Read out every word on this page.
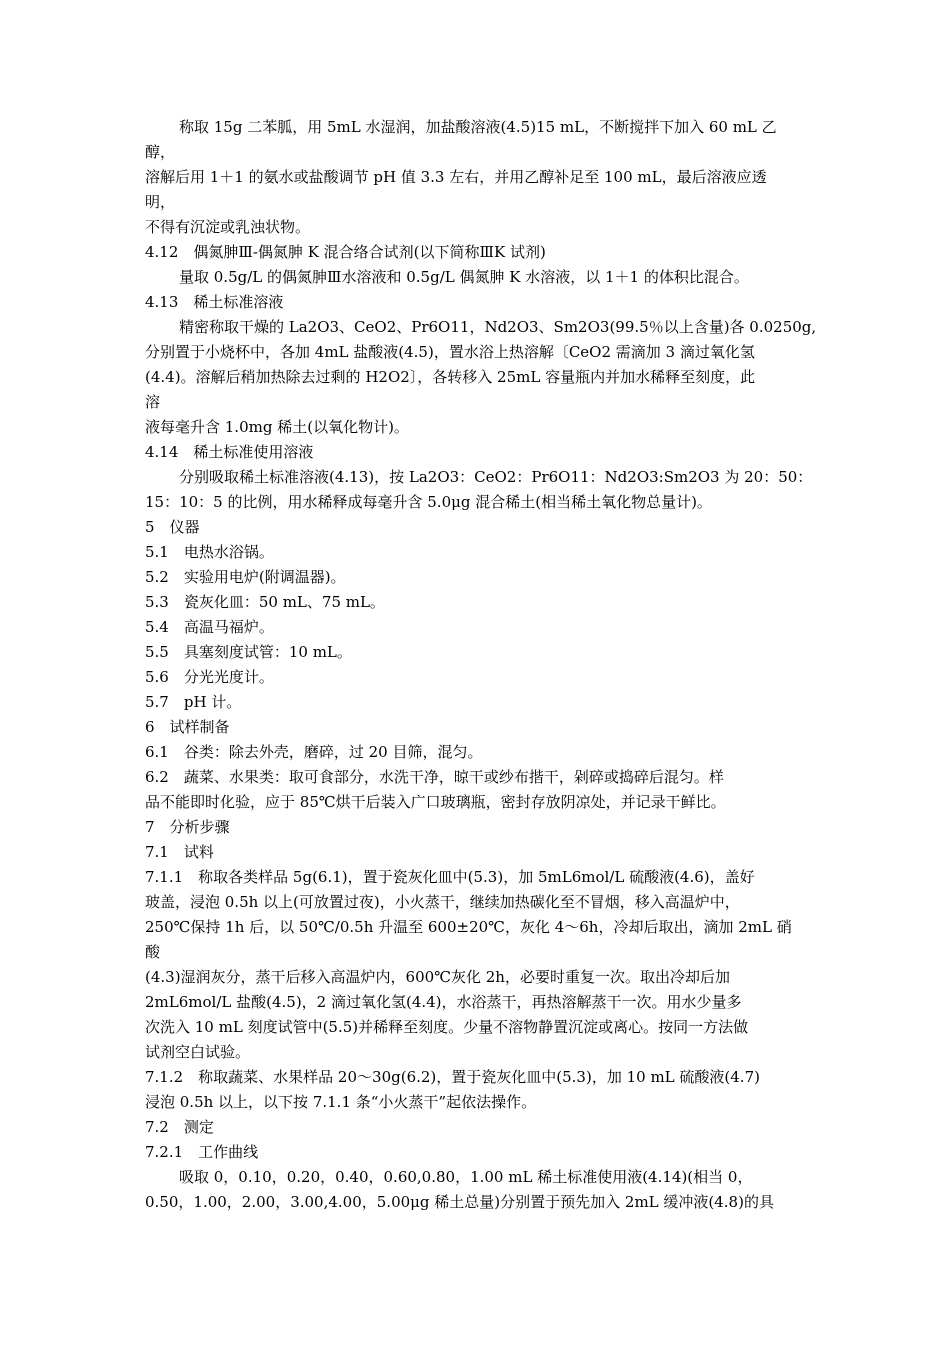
称取 15g 二苯胍，用 5mL 水湿润，加盐酸溶液(4.5)15 mL，不断搅拌下加入 60 mL 乙
醇，
溶解后用 1＋1 的氨水或盐酸调节 pH 值 3.3 左右，并用乙醇补足至 100 mL，最后溶液应透
明，
不得有沉淀或乳浊状物。
4.12　偶氮胂Ⅲ-偶氮胂 K 混合络合试剂(以下简称ⅢK 试剂)
量取 0.5g/L 的偶氮胂Ⅲ水溶液和 0.5g/L 偶氮胂 K 水溶液，以 1＋1 的体积比混合。
4.13　稀土标准溶液
精密称取干燥的 La2O3、CeO2、Pr6O11，Nd2O3、Sm2O3(99.5％以上含量)各 0.0250g,
分别置于小烧杯中，各加 4mL 盐酸液(4.5)，置水浴上热溶解〔CeO2 需滴加 3 滴过氧化氢
(4.4)。溶解后稍加热除去过剩的 H2O2〕，各转移入 25mL 容量瓶内并加水稀释至刻度，此
溶
液每毫升含 1.0mg 稀土(以氧化物计)。
4.14　稀土标准使用溶液
分别吸取稀土标准溶液(4.13)，按 La2O3：CeO2：Pr6O11：Nd2O3:Sm2O3 为 20：50：
15：10：5 的比例，用水稀释成每毫升含 5.0μg 混合稀土(相当稀土氧化物总量计)。
5　仪器
5.1　电热水浴锅。
5.2　实验用电炉(附调温器)。
5.3　瓷灰化皿：50 mL、75 mL。
5.4　高温马福炉。
5.5　具塞刻度试管：10 mL。
5.6　分光光度计。
5.7　pH 计。
6　试样制备
6.1　谷类：除去外壳，磨碎，过 20 目筛，混匀。
6.2　蔬菜、水果类：取可食部分，水洗干净，晾干或纱布揩干，剁碎或捣碎后混匀。样
品不能即时化验，应于 85℃烘干后装入广口玻璃瓶，密封存放阴凉处，并记录干鲜比。
7　分析步骤
7.1　试料
7.1.1　称取各类样品 5g(6.1)，置于瓷灰化皿中(5.3)，加 5mL6mol/L 硫酸液(4.6)，盖好
玻盖，浸泡 0.5h 以上(可放置过夜)，小火蒸干，继续加热碳化至不冒烟，移入高温炉中，
250℃保持 1h 后，以 50℃/0.5h 升温至 600±20℃，灰化 4～6h，冷却后取出，滴加 2mL 硝
酸
(4.3)湿润灰分，蒸干后移入高温炉内，600℃灰化 2h，必要时重复一次。取出冷却后加
2mL6mol/L 盐酸(4.5)，2 滴过氧化氢(4.4)，水浴蒸干，再热溶解蒸干一次。用水少量多
次洗入 10 mL 刻度试管中(5.5)并稀释至刻度。少量不溶物静置沉淀或离心。按同一方法做
试剂空白试验。
7.1.2　称取蔬菜、水果样品 20～30g(6.2)，置于瓷灰化皿中(5.3)，加 10 mL 硫酸液(4.7)
浸泡 0.5h 以上，以下按 7.1.1 条“小火蒸干”起依法操作。
7.2　测定
7.2.1　工作曲线
吸取 0，0.10，0.20，0.40，0.60,0.80，1.00 mL 稀土标准使用液(4.14)(相当 0，
0.50，1.00，2.00，3.00,4.00，5.00μg 稀土总量)分别置于预先加入 2mL 缓冲液(4.8)的具
